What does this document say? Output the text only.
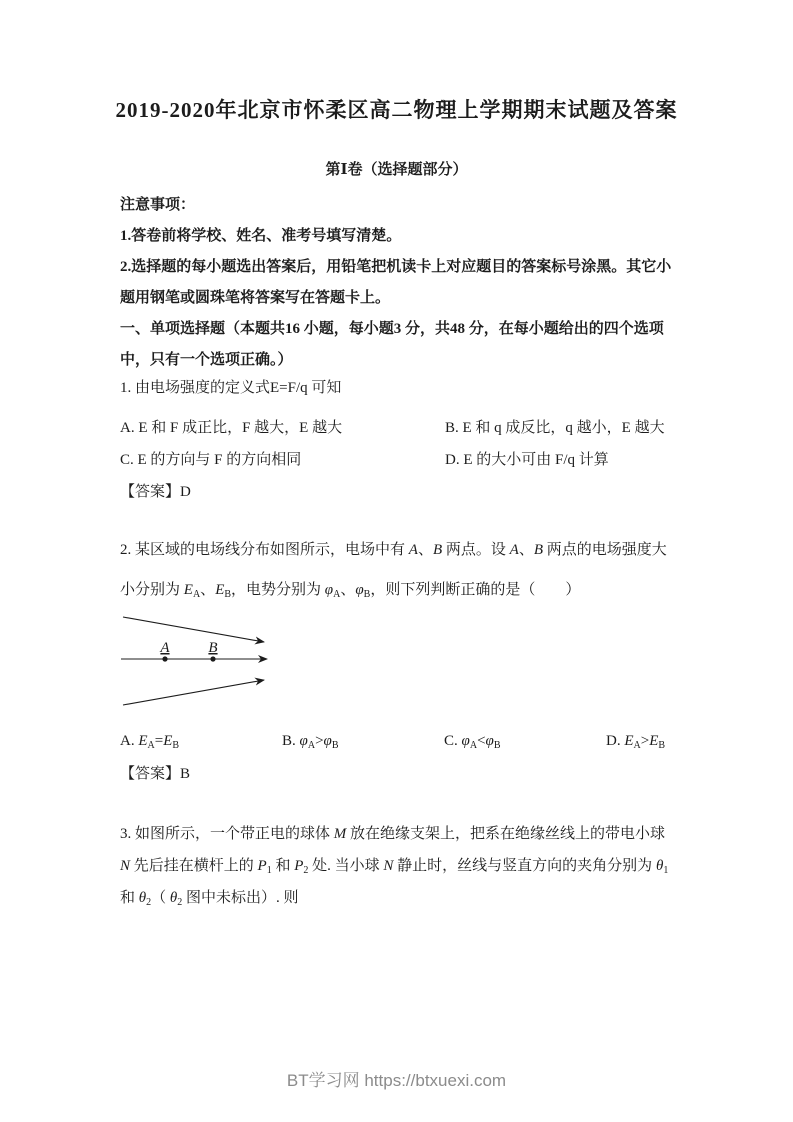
2019-2020年北京市怀柔区高二物理上学期期末试题及答案
第Ⅰ卷（选择题部分）

注意事项：

1.答卷前将学校、姓名、准考号填写清楚。

2.选择题的每小题选出答案后，用铅笔把机读卡上对应题目的答案标号涂黑。其它小题用钢笔或圆珠笔将答案写在答题卡上。

一、单项选择题（本题共16 小题，每小题3 分，共48 分，在每小题给出的四个选项中，只有一个选项正确。）

1. 由电场强度的定义式E=F/q 可知
A. E 和 F 成正比，F 越大，E 越大	B. E 和 q 成反比，q 越小，E 越大
C. E 的方向与 F 的方向相同	D. E 的大小可由 F/q 计算
【答案】D
2. 某区域的电场线分布如图所示，电场中有 A、B 两点。设 A、B 两点的电场强度大小分别为 $E_A$、$E_B$，电势分别为 $\varphi_A$、$\varphi_B$，则下列判断正确的是（　　）
A	B
A. $E_A=E_B$	B. $\varphi_A>\varphi_B$	C. $\varphi_A<\varphi_B$	D. $E_A>E_B$
【答案】B
3. 如图所示，一个带正电的球体 M 放在绝缘支架上，把系在绝缘丝线上的带电小球 N 先后挂在横杆上的 $P_1$ 和 $P_2$ 处. 当小球 N 静止时，丝线与竖直方向的夹角分别为 $\theta_1$ 和 $\theta_2$（ $\theta_2$ 图中未标出）. 则
BT学习网 https://btxuexi.com
